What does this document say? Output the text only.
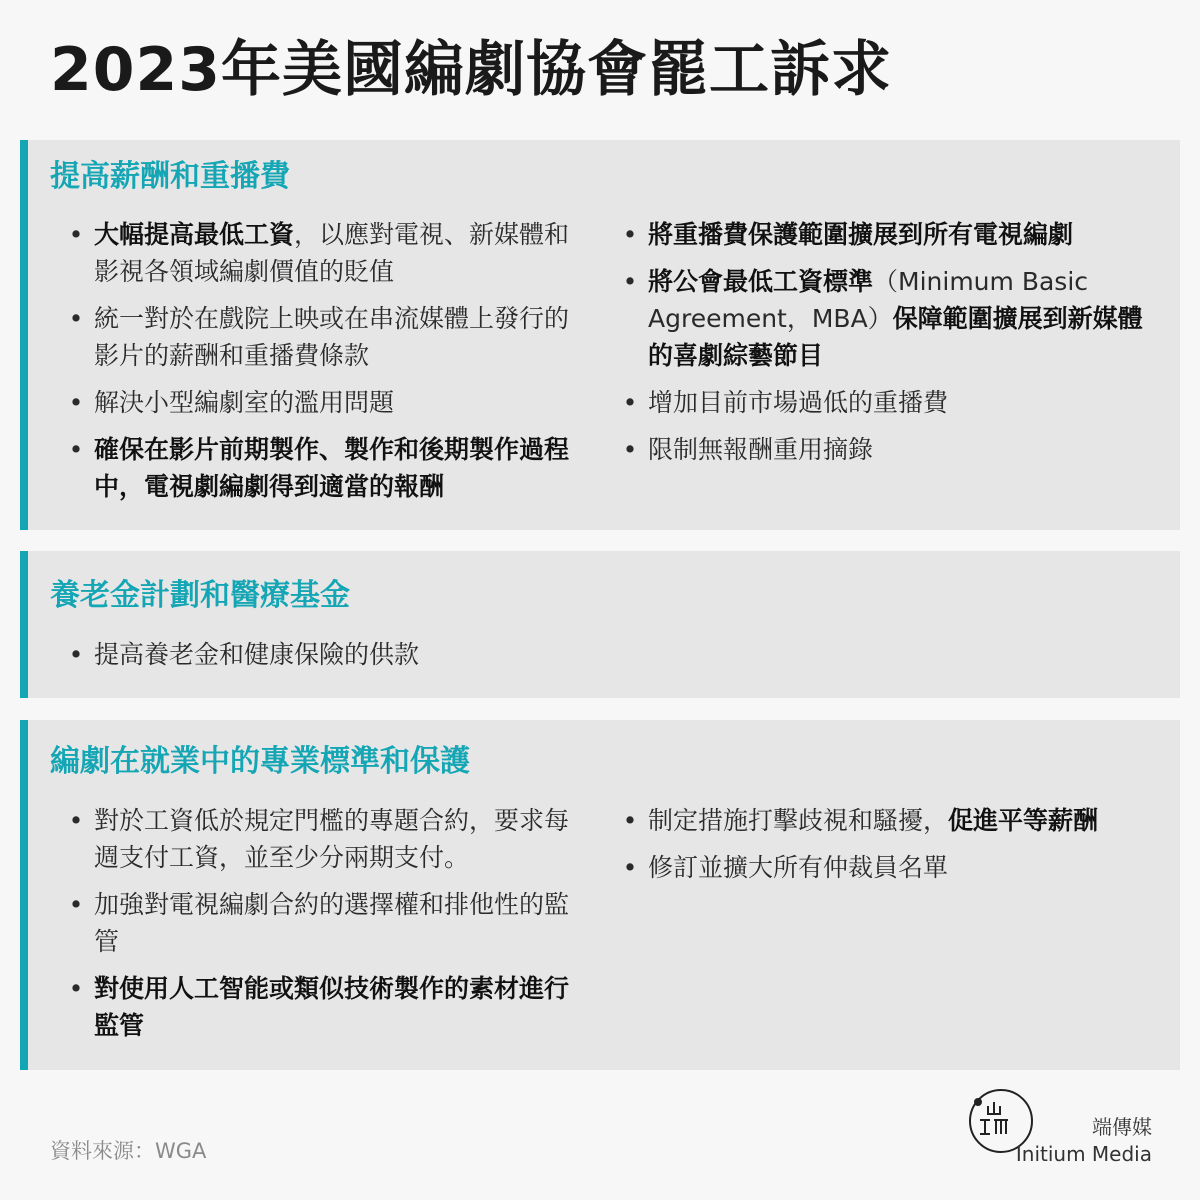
2023年美國編劇協會罷工訴求
提高薪酬和重播費
• 大幅提高最低工資，以應對電視、新媒體和影視各領域編劇價值的貶值
• 統一對於在戲院上映或在串流媒體上發行的影片的薪酬和重播費條款
• 解決小型編劇室的濫用問題
• 確保在影片前期製作、製作和後期製作過程中，電視劇編劇得到適當的報酬
• 將重播費保護範圍擴展到所有電視編劇
• 將公會最低工資標準（Minimum Basic Agreement，MBA）保障範圍擴展到新媒體的喜劇綜藝節目
• 增加目前市場過低的重播費
• 限制無報酬重用摘錄
養老金計劃和醫療基金
• 提高養老金和健康保險的供款
編劇在就業中的專業標準和保護
• 對於工資低於規定門檻的專題合約，要求每週支付工資，並至少分兩期支付。
• 加強對電視編劇合約的選擇權和排他性的監管
• 對使用人工智能或類似技術製作的素材進行監管
• 制定措施打擊歧視和騷擾，促進平等薪酬
• 修訂並擴大所有仲裁員名單
資料來源：WGA
端傳媒
Initium Media
